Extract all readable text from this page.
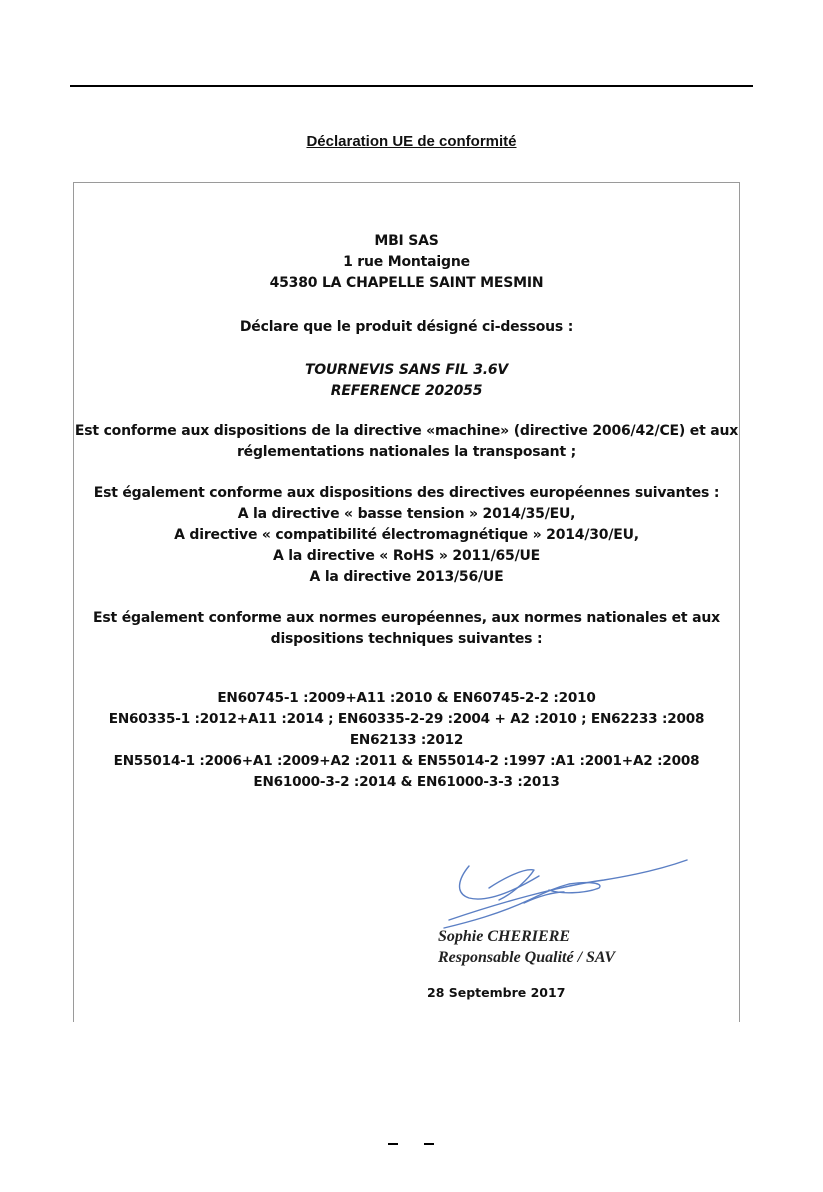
Déclaration UE de conformité
MBI SAS
1 rue Montaigne
45380 LA CHAPELLE SAINT MESMIN
Déclare que le produit désigné ci-dessous :
TOURNEVIS SANS FIL 3.6V
REFERENCE 202055
Est conforme aux dispositions de la directive «machine» (directive 2006/42/CE) et aux
réglementations nationales la transposant ;
Est également conforme aux dispositions des directives européennes suivantes :
A la directive « basse tension » 2014/35/EU,
A directive « compatibilité électromagnétique » 2014/30/EU,
A la directive « RoHS » 2011/65/UE
A la directive 2013/56/UE
Est également conforme aux normes européennes, aux normes nationales et aux
dispositions techniques suivantes :
EN60745-1 :2009+A11 :2010 & EN60745-2-2 :2010
EN60335-1 :2012+A11 :2014 ; EN60335-2-29 :2004 + A2 :2010 ; EN62233 :2008
EN62133 :2012
EN55014-1 :2006+A1 :2009+A2 :2011 & EN55014-2 :1997 :A1 :2001+A2 :2008
EN61000-3-2 :2014 & EN61000-3-3 :2013
Sophie CHERIERE
Responsable Qualité / SAV
28 Septembre 2017
